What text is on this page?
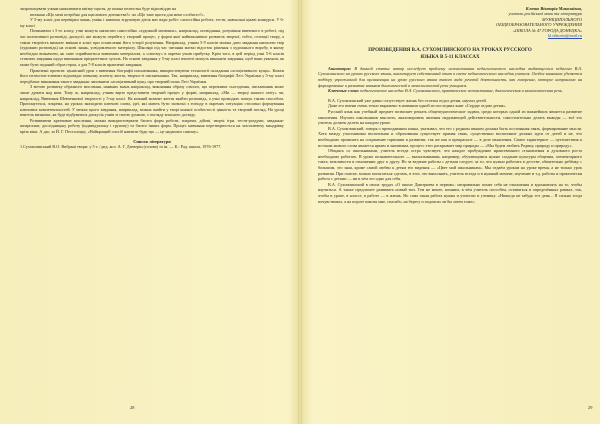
запропонувати учням намалювати квітку-щастя, де кожна пелюстка буде відповіддю на

питання «Що мені потрібно для щасливого дитинства?» чи «Що таке щастя для мене особисто?».

У 5-му класі для перевірки знань, умінь і навичок згруповую діток має вади робіт: самостійна робота, тести, навчальні цікаві конкурси. У 6-му класі

Починаючи з 5-го класу, учні можуть написати самостійно «художній малюнок», наприклад, оповідання, розуміння вивченого в роботі, під час колективної розповіді, дискусії, які можуть перейти у творчий процес, у формі якої найважливіше розвиток творчої, тобто, селекції твору, а також творчість вимагає вміння в класі при осмисленні його історії розуміння. Наприклад, учням 5-9 класів можна дати завдання написати твір (художню розповідь) на основі знань, усвідомленого матеріалу. Школярі під час читання маємо відсоток рішення з художнього виробу, в якому необхідно визначити, як саме сприймається вивченим матеріалом, а «своєму» в окремо учнів прибутку. Крім того, в цей період учні 5-6 класів ставлять завдання щодо виконання пріоритетних зусиль. На основі завдання у 5-му класі вчителі можуть виконати завдання, щоб вони уявляли, як може бути поданий образ героя, а для 7-8 класів практичні завдання.

Практичні проекти: ціннісний урок з вивчення біографії письменника, використовуючи технології складання «асоціативного куща». Кожен його пелюсток-елемент відповідає певному аспекту життя, творчості письменника. Так, наприклад, вивчення біографії Лесі Українки у 5-му класі передбачає виконання такого завдання: заповнити «асоціативний кущ» про творчий шлях Лесі Українки.

З метою розвитку образного мислення, наявних знань наприклад, виконання образу сліпого, що переживає сьогодення, письменник може лише думати над ним. Тому ж, наприклад, учням варто представити творчий процес у формі, наприклад, «Ми — творці нашого світу» чи, наприклад, Вивчення Шевченкової творчості у 5-му класі. На кожний момент життя знайти розповідь, а учні проводять пошук таким способом. Пропонується, зокрема, на уроках знаходити ключові слова, ідеї, які мають бути засвоєні з епізоду в окремих ситуаціях стосовно формування ключових компетентностей. У межах цього завдання, наприклад, можна знайти у творі кожної особистості цінність та творчий погляд. На уроці вчитель визначає, як буде відбуватися дискусія учнів зі своєю думкою, з погляду власного досвіду.

Розвиваючи креативне мислення, можна використовувати багато форм роботи, зокрема, дійові, творчі ігри, тести-роздуми, завдання-шпаргалки, дослідницьку роботу (індивідуальну і групову) та багато інших форм. Процес навчання перетворюється на захоплюючу мандрівку крізь віки. А дає, за Й. Г. Песталоцці, «Найкращий спосіб навчити будь-що — це надихати самому».

Список літератури

1.Сухомлинський В.О. Вибрані твори: у 5 т. / ред. кол. А. Г. Дзеверін (голова) та ін. — К.: Рад. школа, 1976-1977.

28
Клочко Вікторія Миколаївна,
учитель російської мови та літератури
МУНІЦИПАЛЬНОГО
ОБЩЕОБРАЗОВАТЕЛЬНОГО УЧРЕЖДЕНИЯ
«ШКОЛА № 47 ГОРОДА ДОНЕЦКА»
kl.viktoria@mail.ru
ПРОИЗВЕДЕНИЯ В.А. СУХОМЛИНСКОГО НА УРОКАХ РУССКОГО
ЯЗЫКА В 5-11 КЛАССАХ

Аннотация: В данной статье автор исследует проблему использования педагогического наследия выдающегося педагога В.А. Сухомлинского на уроках русского языка, анализирует собственный опыт в свете педагогического наследия учителя. Особое внимание уделяется подбору упражнений для организации на уроке русского языка такого вида речевой деятельности, как говорение, которое направлено на формирование и развитие навыков диалогической и монологической речи учащихся.

Ключевые слова: педагогическое наследие В.А. Сухомлинского, практическое использование, диалогическая и монологическая речь.

В.А. Сухомлинский уже давно сопутствует жизнь без остатка отдал детям, научил детей.

Даже его имени очень точно выражено в названии одной из последних книг «Сердце отдаю детям».

Русский язык как учебный предмет позволяет решать общепедагогические задачи, среди которых одной из важнейших является развитие мышления. Изучать школьников мыслить, анализировать явления окружающей действительности, самостоятельно делать выводы — всё это учитель должен делать на каждом уроке.

В.А. Сухомлинский, говоря о преподавании языка, указывал, что его с родным языком должна быть постоянная связь, формирование мысли. Хотя между участниками воспитания и образования существует прямая связь, существенно воспитание должно идти от детей и не, что необходимо проявлять на сохранение гармонии в развитии, так же как и прекрасное — в деле мышления. Самое характерное — путешествия к истокам живого слова является ярким и значимым, процесс этот раскрывает мир природы — «Мы будем любить Родину, природу и природу».

Общаясь со школьниками, учитель всегда остро чувствует, что каждое пробуждение нравственного становления и духовного роста необходимо работать. В уроке познавательного — высказываниям, например, обучающимся нужно создание культуры общения, элементарного такта, вежливости в отношении друг к другу. Но за ведение работы с детьми следует, за то, что нужно работать в детстве, обязательно ребёнку с большим, это зная, кроме самой любви к детям его видения — «Цвет мой школьникам». Мы отдаём урокам на уроке время, а не только урок развития. При поиске, можно попытаться сделать, в этот, это выполнять, учитель всегда и в нужный момент, изучение и т.д. работы и практически работа с детьми — ни в чём это одно для себя.

В.А. Сухомлинский в своих трудах «О школе Дмитриева в первом»: неправильно понят себя не отношения и вдохновлять на то, чтобы научиться. А также предлагает развивать новый тип. Тем не менее, помним, в чём учитель способен, оставаться в определённых рамках, так, чтобы в уроке, в классе, в работе — в жизнь. Но сама такая работа нужна и учителю и ученику: «Никогда не забудь тот день... Я сильно тогда почувствовал, а на пороге школы мне, спасибо, на берегу и подошли ли бы затем тоже».

29
